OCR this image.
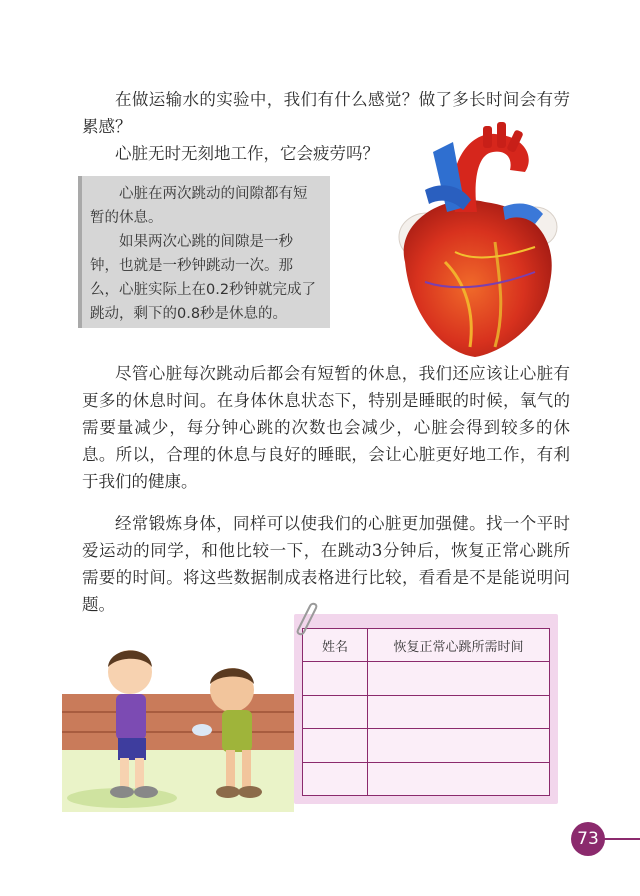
在做运输水的实验中，我们有什么感觉？做了多长时间会有劳累感？

心脏无时无刻地工作，它会疲劳吗？

心脏在两次跳动的间隙都有短暂的休息。

如果两次心跳的间隙是一秒钟，也就是一秒钟跳动一次。那么，心脏实际上在0.2秒钟就完成了跳动，剩下的0.8秒是休息的。

尽管心脏每次跳动后都会有短暂的休息，我们还应该让心脏有更多的休息时间。在身体休息状态下，特别是睡眠的时候，氧气的需要量减少，每分钟心跳的次数也会减少，心脏会得到较多的休息。所以，合理的休息与良好的睡眠，会让心脏更好地工作，有利于我们的健康。

经常锻炼身体，同样可以使我们的心脏更加强健。找一个平时爱运动的同学，和他比较一下，在跳动3分钟后，恢复正常心跳所需要的时间。将这些数据制成表格进行比较，看看是不是能说明问题。

姓名	恢复正常心跳所需时间

73
